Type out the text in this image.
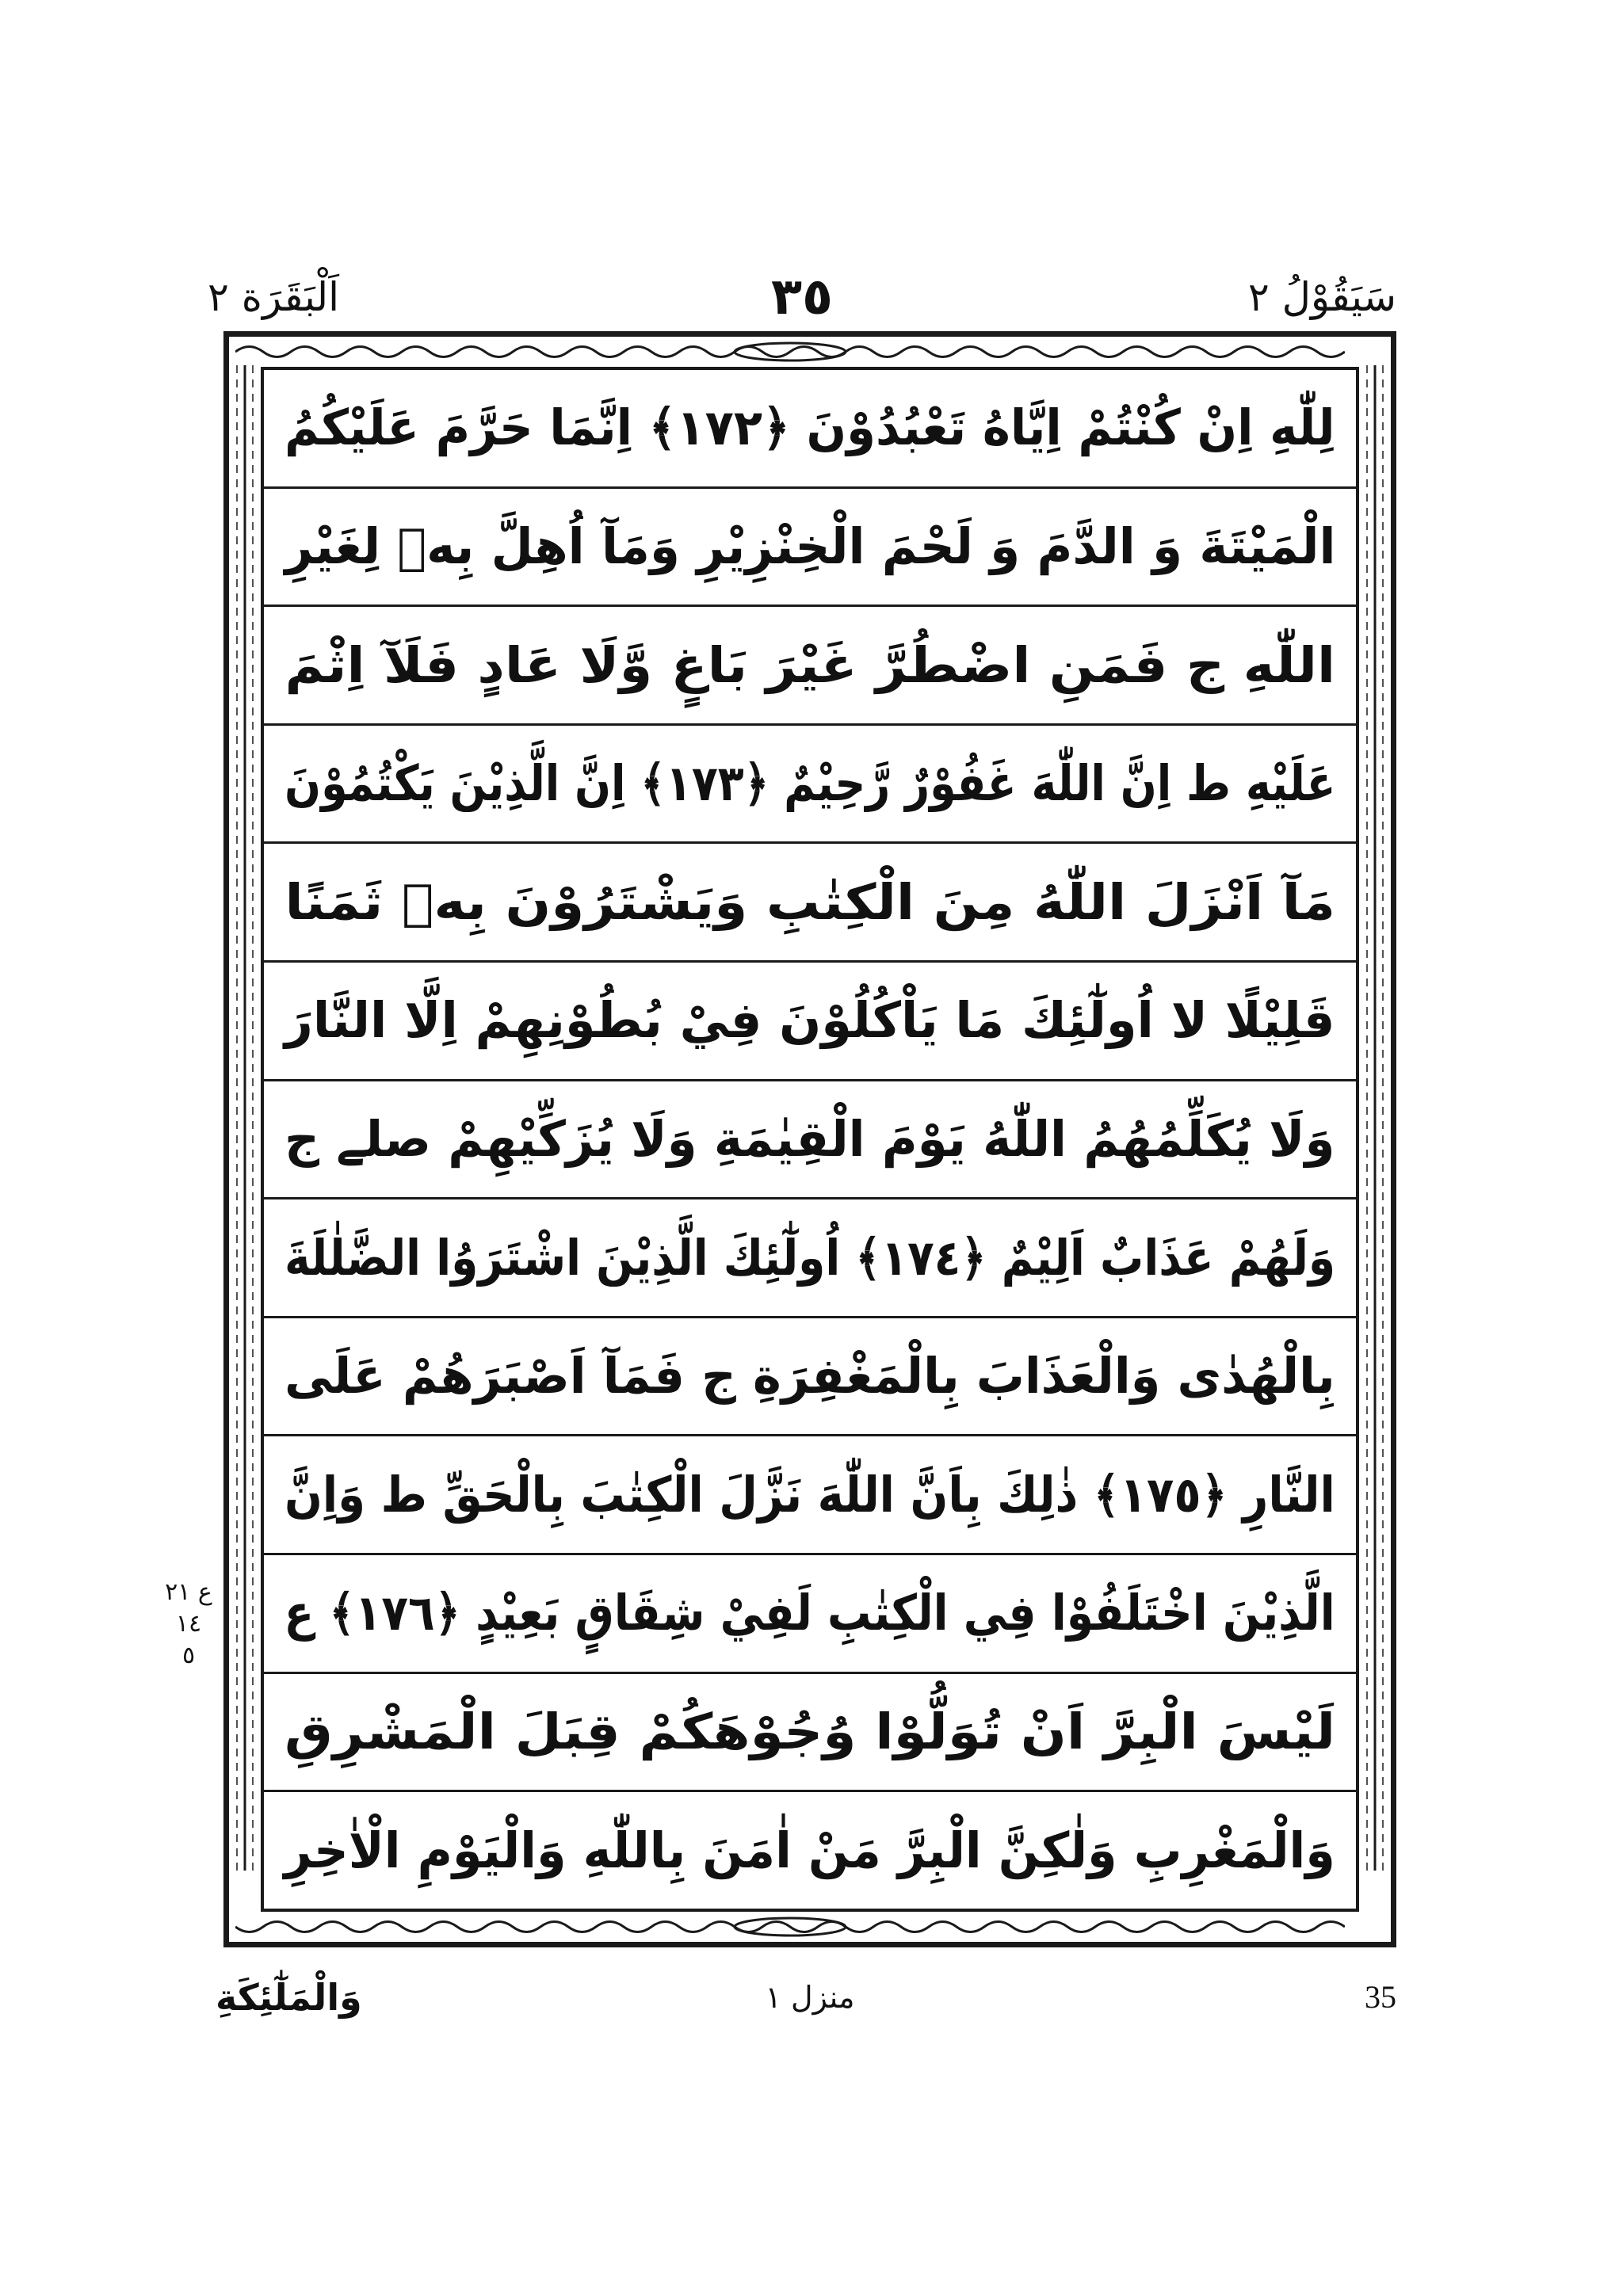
اَلْبَقَرَة ٢	٣٥	سَيَقُوْلُ ٢
لِلّٰهِ اِنْ كُنْتُمْ اِيَّاهُ تَعْبُدُوْنَ ﴿١٧٢﴾ اِنَّمَا حَرَّمَ عَلَيْكُمُ
الْمَيْتَةَ وَ الدَّمَ وَ لَحْمَ الْخِنْزِيْرِ وَمَآ اُهِلَّ بِهٖ لِغَيْرِ
اللّٰهِ ج فَمَنِ اضْطُرَّ غَيْرَ بَاغٍ وَّلَا عَادٍ فَلَآ اِثْمَ
عَلَيْهِ ط اِنَّ اللّٰهَ غَفُوْرٌ رَّحِيْمٌ ﴿١٧٣﴾ اِنَّ الَّذِيْنَ يَكْتُمُوْنَ
مَآ اَنْزَلَ اللّٰهُ مِنَ الْكِتٰبِ وَيَشْتَرُوْنَ بِهٖ ثَمَنًا
قَلِيْلًا لا اُولٰٓئِكَ مَا يَاْكُلُوْنَ فِيْ بُطُوْنِهِمْ اِلَّا النَّارَ
وَلَا يُكَلِّمُهُمُ اللّٰهُ يَوْمَ الْقِيٰمَةِ وَلَا يُزَكِّيْهِمْ صلے ج
وَلَهُمْ عَذَابٌ اَلِيْمٌ ﴿١٧٤﴾ اُولٰٓئِكَ الَّذِيْنَ اشْتَرَوُا الضَّلٰلَةَ
بِالْهُدٰى وَالْعَذَابَ بِالْمَغْفِرَةِ ج فَمَآ اَصْبَرَهُمْ عَلَى
النَّارِ ﴿١٧٥﴾ ذٰلِكَ بِاَنَّ اللّٰهَ نَزَّلَ الْكِتٰبَ بِالْحَقِّ ط وَاِنَّ
الَّذِيْنَ اخْتَلَفُوْا فِي الْكِتٰبِ لَفِيْ شِقَاقٍ بَعِيْدٍ ﴿١٧٦﴾ ع
لَيْسَ الْبِرَّ اَنْ تُوَلُّوْا وُجُوْهَكُمْ قِبَلَ الْمَشْرِقِ
وَالْمَغْرِبِ وَلٰكِنَّ الْبِرَّ مَنْ اٰمَنَ بِاللّٰهِ وَالْيَوْمِ الْاٰخِرِ
ع ٢١
١٤
٥
وَالْمَلٰٓئِكَةِ	منزل ١	35
